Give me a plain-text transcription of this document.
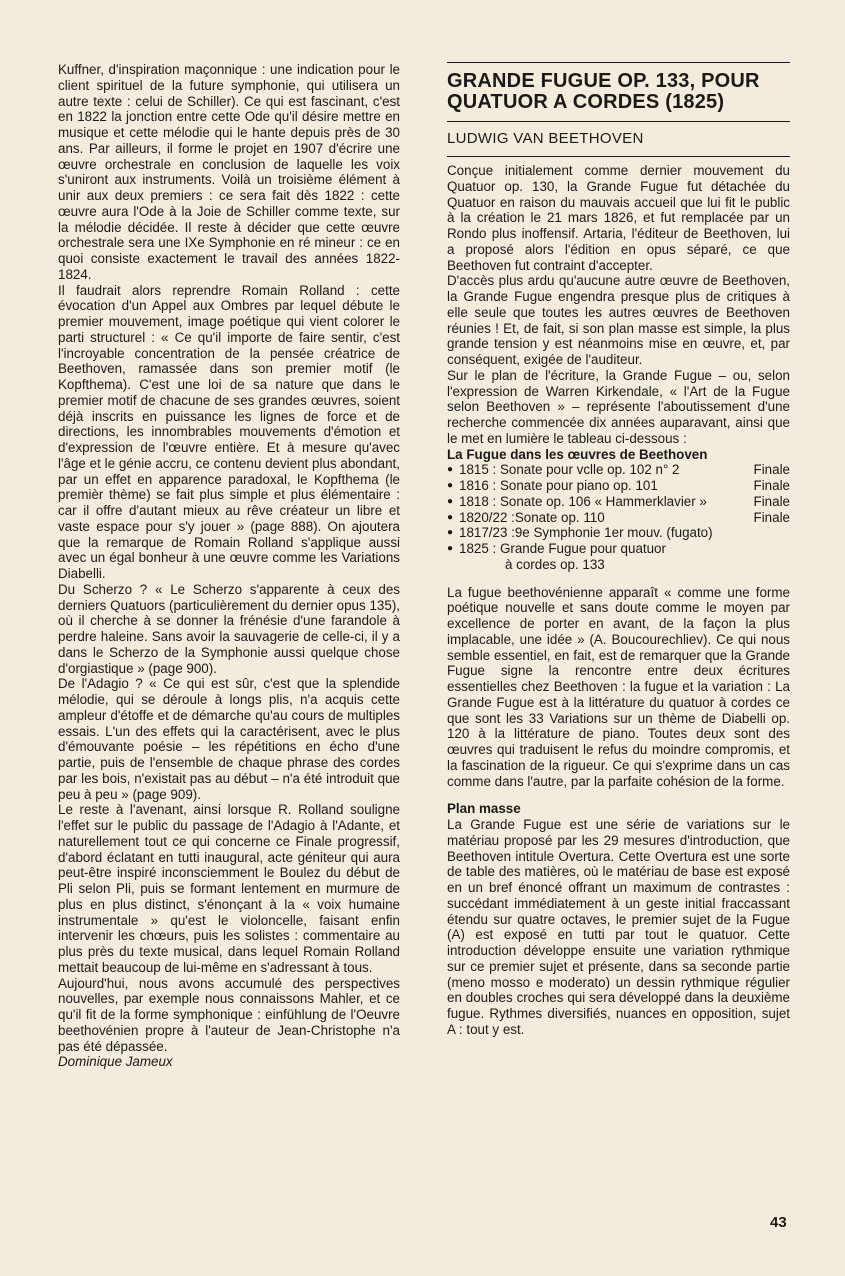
Kuffner, d'inspiration maçonnique : une indication pour le client spirituel de la future symphonie, qui utilisera un autre texte : celui de Schiller). Ce qui est fascinant, c'est en 1822 la jonction entre cette Ode qu'il désire mettre en musique et cette mélodie qui le hante depuis près de 30 ans. Par ailleurs, il forme le projet en 1907 d'écrire une œuvre orchestrale en conclusion de laquelle les voix s'uniront aux instruments. Voilà un troisième élément à unir aux deux premiers : ce sera fait dès 1822 : cette œuvre aura l'Ode à la Joie de Schiller comme texte, sur la mélodie décidée. Il reste à décider que cette œuvre orchestrale sera une IXe Symphonie en ré mineur : ce en quoi consiste exactement le travail des années 1822-1824.

Il faudrait alors reprendre Romain Rolland : cette évocation d'un Appel aux Ombres par lequel débute le premier mouvement, image poétique qui vient colorer le parti structurel : « Ce qu'il importe de faire sentir, c'est l'incroyable concentration de la pensée créatrice de Beethoven, ramassée dans son premier motif (le Kopfthema). C'est une loi de sa nature que dans le premier motif de chacune de ses grandes œuvres, soient déjà inscrits en puissance les lignes de force et de directions, les innombrables mouvements d'émotion et d'expression de l'œuvre entière. Et à mesure qu'avec l'âge et le génie accru, ce contenu devient plus abondant, par un effet en apparence paradoxal, le Kopfthema (le premièr thème) se fait plus simple et plus élémentaire : car il offre d'autant mieux au rêve créateur un libre et vaste espace pour s'y jouer » (page 888). On ajoutera que la remarque de Romain Rolland s'applique aussi avec un égal bonheur à une œuvre comme les Variations Diabelli.

Du Scherzo ? « Le Scherzo s'apparente à ceux des derniers Quatuors (particulièrement du dernier opus 135), où il cherche à se donner la frénésie d'une farandole à perdre haleine. Sans avoir la sauvagerie de celle-ci, il y a dans le Scherzo de la Symphonie aussi quelque chose d'orgiastique » (page 900).

De l'Adagio ? « Ce qui est sûr, c'est que la splendide mélodie, qui se déroule à longs plis, n'a acquis cette ampleur d'étoffe et de démarche qu'au cours de multiples essais. L'un des effets qui la caractérisent, avec le plus d'émouvante poésie – les répétitions en écho d'une partie, puis de l'ensemble de chaque phrase des cordes par les bois, n'existait pas au début – n'a été introduit que peu à peu » (page 909).

Le reste à l'avenant, ainsi lorsque R. Rolland souligne l'effet sur le public du passage de l'Adagio à l'Adante, et naturellement tout ce qui concerne ce Finale progressif, d'abord éclatant en tutti inaugural, acte géniteur qui aura peut-être inspiré inconsciemment le Boulez du début de Pli selon Pli, puis se formant lentement en murmure de plus en plus distinct, s'énonçant à la « voix humaine instrumentale » qu'est le violoncelle, faisant enfin intervenir les chœurs, puis les solistes : commentaire au plus près du texte musical, dans lequel Romain Rolland mettait beaucoup de lui-même en s'adressant à tous.

Aujourd'hui, nous avons accumulé des perspectives nouvelles, par exemple nous connaissons Mahler, et ce qu'il fit de la forme symphonique : einfühlung de l'Oeuvre beethovénien propre à l'auteur de Jean-Christophe n'a pas été dépassée.

Dominique Jameux

GRANDE FUGUE OP. 133, POUR QUATUOR A CORDES (1825)
LUDWIG VAN BEETHOVEN

Conçue initialement comme dernier mouvement du Quatuor op. 130, la Grande Fugue fut détachée du Quatuor en raison du mauvais accueil que lui fit le public à la création le 21 mars 1826, et fut remplacée par un Rondo plus inoffensif. Artaria, l'éditeur de Beethoven, lui a proposé alors l'édition en opus séparé, ce que Beethoven fut contraint d'accepter.

D'accès plus ardu qu'aucune autre œuvre de Beethoven, la Grande Fugue engendra presque plus de critiques à elle seule que toutes les autres œuvres de Beethoven réunies ! Et, de fait, si son plan masse est simple, la plus grande tension y est néanmoins mise en œuvre, et, par conséquent, exigée de l'auditeur.

Sur le plan de l'écriture, la Grande Fugue – ou, selon l'expression de Warren Kirkendale, « l'Art de la Fugue selon Beethoven » – représente l'aboutissement d'une recherche commencée dix années auparavant, ainsi que le met en lumière le tableau ci-dessous :

La Fugue dans les œuvres de Beethoven

● 1815 : Sonate pour vclle op. 102 n° 2	Finale
● 1816 : Sonate pour piano op. 101	Finale
● 1818 : Sonate op. 106 « Hammerklavier »	Finale
● 1820/22 :Sonate op. 110	Finale
● 1817/23 :9e Symphonie 1er mouv. (fugato)
● 1825 : Grande Fugue pour quatuor
à cordes op. 133

La fugue beethovénienne apparaît « comme une forme poétique nouvelle et sans doute comme le moyen par excellence de porter en avant, de la façon la plus implacable, une idée » (A. Boucourechliev). Ce qui nous semble essentiel, en fait, est de remarquer que la Grande Fugue signe la rencontre entre deux écritures essentielles chez Beethoven : la fugue et la variation : La Grande Fugue est à la littérature du quatuor à cordes ce que sont les 33 Variations sur un thème de Diabelli op. 120 à la littérature de piano. Toutes deux sont des œuvres qui traduisent le refus du moindre compromis, et la fascination de la rigueur. Ce qui s'exprime dans un cas comme dans l'autre, par la parfaite cohésion de la forme.

Plan masse

La Grande Fugue est une série de variations sur le matériau proposé par les 29 mesures d'introduction, que Beethoven intitule Overtura. Cette Overtura est une sorte de table des matières, où le matériau de base est exposé en un bref énoncé offrant un maximum de contrastes : succédant immédiatement à un geste initial fraccassant étendu sur quatre octaves, le premier sujet de la Fugue (A) est exposé en tutti par tout le quatuor. Cette introduction développe ensuite une variation rythmique sur ce premier sujet et présente, dans sa seconde partie (meno mosso e moderato) un dessin rythmique régulier en doubles croches qui sera développé dans la deuxième fugue. Rythmes diversifiés, nuances en opposition, sujet A : tout y est.

43
